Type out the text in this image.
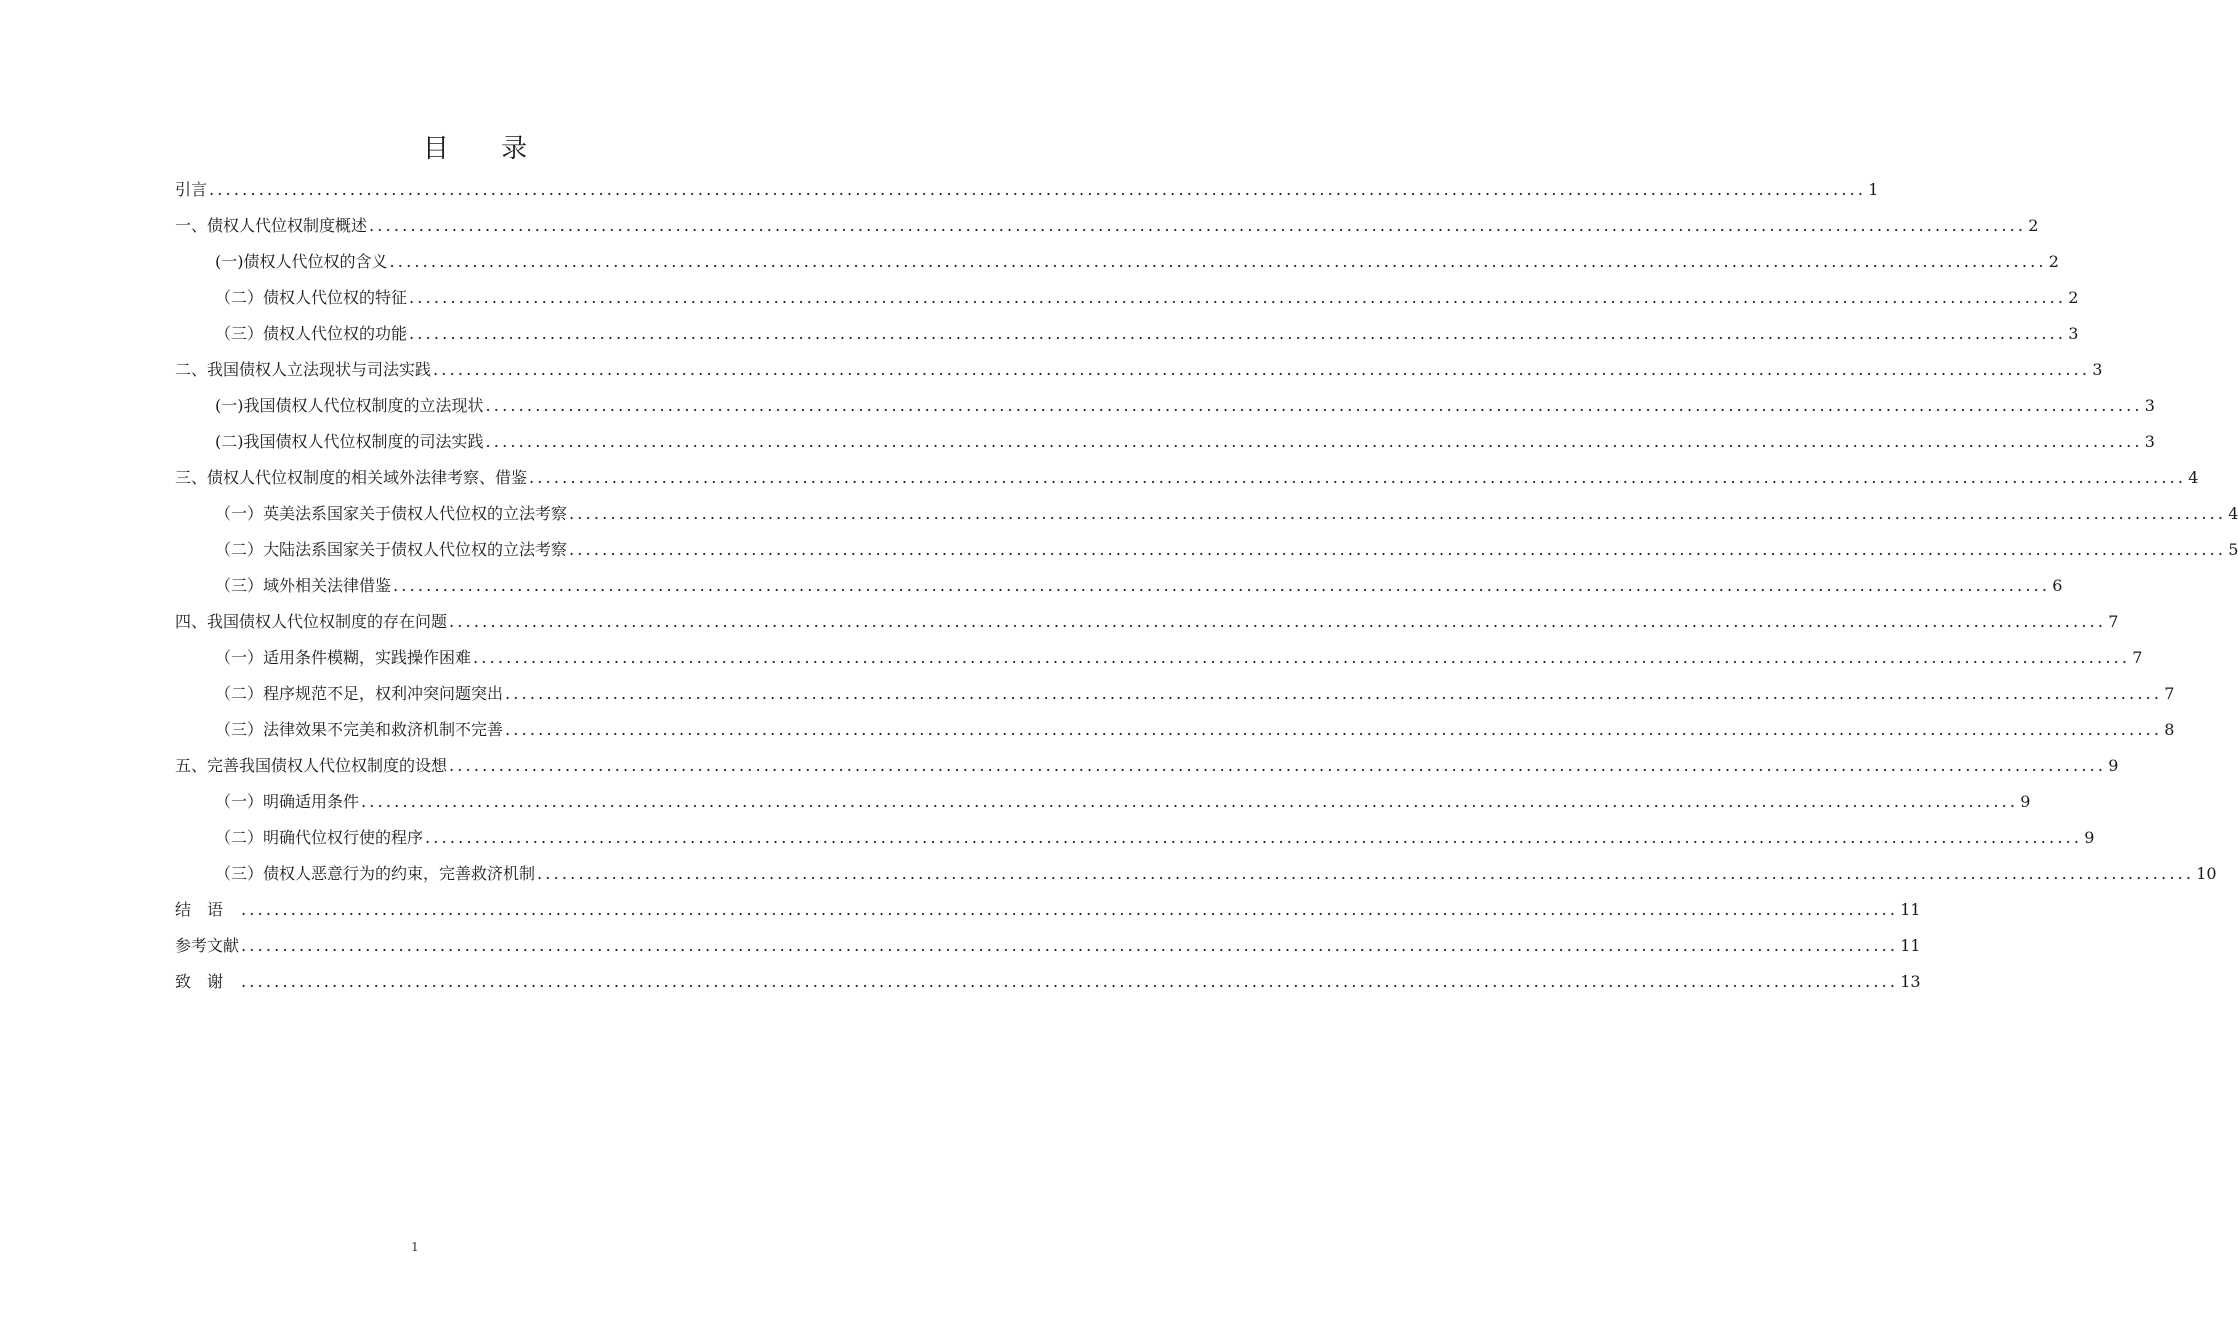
目 录
引言 ........................................................................................................................................................................................................ 1
一、债权人代位权制度概述 ........................................................................................................................................................................................................ 2
(一)债权人代位权的含义 ........................................................................................................................................................................................................ 2
（二）债权人代位权的特征 ........................................................................................................................................................................................................ 2
（三）债权人代位权的功能 ........................................................................................................................................................................................................ 3
二、我国债权人立法现状与司法实践 ........................................................................................................................................................................................................ 3
(一)我国债权人代位权制度的立法现状 ........................................................................................................................................................................................................ 3
(二)我国债权人代位权制度的司法实践 ........................................................................................................................................................................................................ 3
三、债权人代位权制度的相关域外法律考察、借鉴 ........................................................................................................................................................................................................ 4
（一）英美法系国家关于债权人代位权的立法考察 ........................................................................................................................................................................................................ 4
（二）大陆法系国家关于债权人代位权的立法考察 ........................................................................................................................................................................................................ 5
（三）域外相关法律借鉴 ........................................................................................................................................................................................................ 6
四、我国债权人代位权制度的存在问题 ........................................................................................................................................................................................................ 7
（一）适用条件模糊，实践操作困难 ........................................................................................................................................................................................................ 7
（二）程序规范不足，权利冲突问题突出 ........................................................................................................................................................................................................ 7
（三）法律效果不完美和救济机制不完善 ........................................................................................................................................................................................................ 8
五、完善我国债权人代位权制度的设想 ........................................................................................................................................................................................................ 9
（一）明确适用条件 ........................................................................................................................................................................................................ 9
（二）明确代位权行使的程序 ........................................................................................................................................................................................................ 9
（三）债权人恶意行为的约束，完善救济机制 ........................................................................................................................................................................................................ 10
结语 ........................................................................................................................................................................................................ 11
参考文献 ........................................................................................................................................................................................................ 11
致谢 ........................................................................................................................................................................................................ 13
1
